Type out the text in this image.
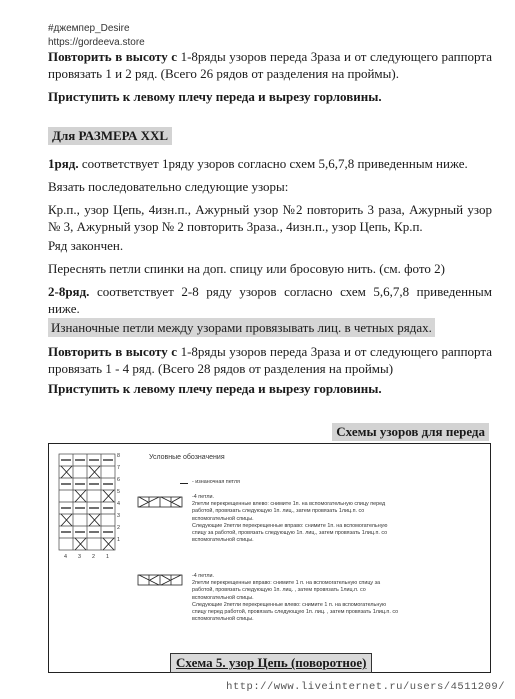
#джемпер_Desire
https://gordeeva.store
Повторить в высоту с 1-8ряды узоров переда 3раза и от следующего раппорта провязать 1 и 2 ряд. (Всего 26 рядов от разделения на проймы).
Приступить к левому плечу переда и вырезу горловины.
Для РАЗМЕРА XXL
1ряд. соответствует 1ряду узоров согласно схем 5,6,7,8 приведенным ниже.
Вязать последовательно следующие узоры:
Кр.п., узор Цепь, 4изн.п., Ажурный узор №2 повторить 3 раза, Ажурный узор № 3, Ажурный узор № 2 повторить 3раза., 4изн.п., узор Цепь, Кр.п.
Ряд закончен.
Переснять петли спинки на доп. спицу или бросовую нить. (см. фото 2)
2-8ряд. соответствует 2-8 ряду узоров согласно схем 5,6,7,8 приведенным ниже.
Изнаночные петли между узорами провязывать лиц. в четных рядах.
Повторить в высоту с 1-8ряды узоров переда 3раза и от следующего раппорта провязать 1 - 4 ряд. (Всего 28 рядов от разделения на проймы)
Приступить к левому плечу переда и вырезу горловины.
Схемы узоров для переда
8
7
6
5
4
3
2
1
4 3 2 1
Условные обозначения
- изнаночная петля
-4 петли.
2петли перекрещенные влево: снимите 1п. на вспомогательную спицу перед
работой, провязать следующую 1п. лиц., затем провязать 1лиц.п. со
вспомогательной спицы.
Следующие 2петли перекрещенные вправо: снимите 1п. на вспомогательную
спицу за работой, провязать следующую 1п. лиц., затем провязать 1лиц.п. со
вспомогательной спицы.
-4 петли.
2петли перекрещенные вправо: снимите 1 п. на вспомогательную спицу за
работой, провязать следующую 1п. лиц. , затем провязать 1лиц.п. со
вспомогательной спицы.
Следующие 2петли перекрещенные влево: снимите 1 п. на вспомогательную
спицу перед работой, провязать следующую 1п. лиц. , затем провязать 1лиц.п. со
вспомогательной спицы.
Схема 5. узор Цепь (поворотное)
http://www.liveinternet.ru/users/4511209/
